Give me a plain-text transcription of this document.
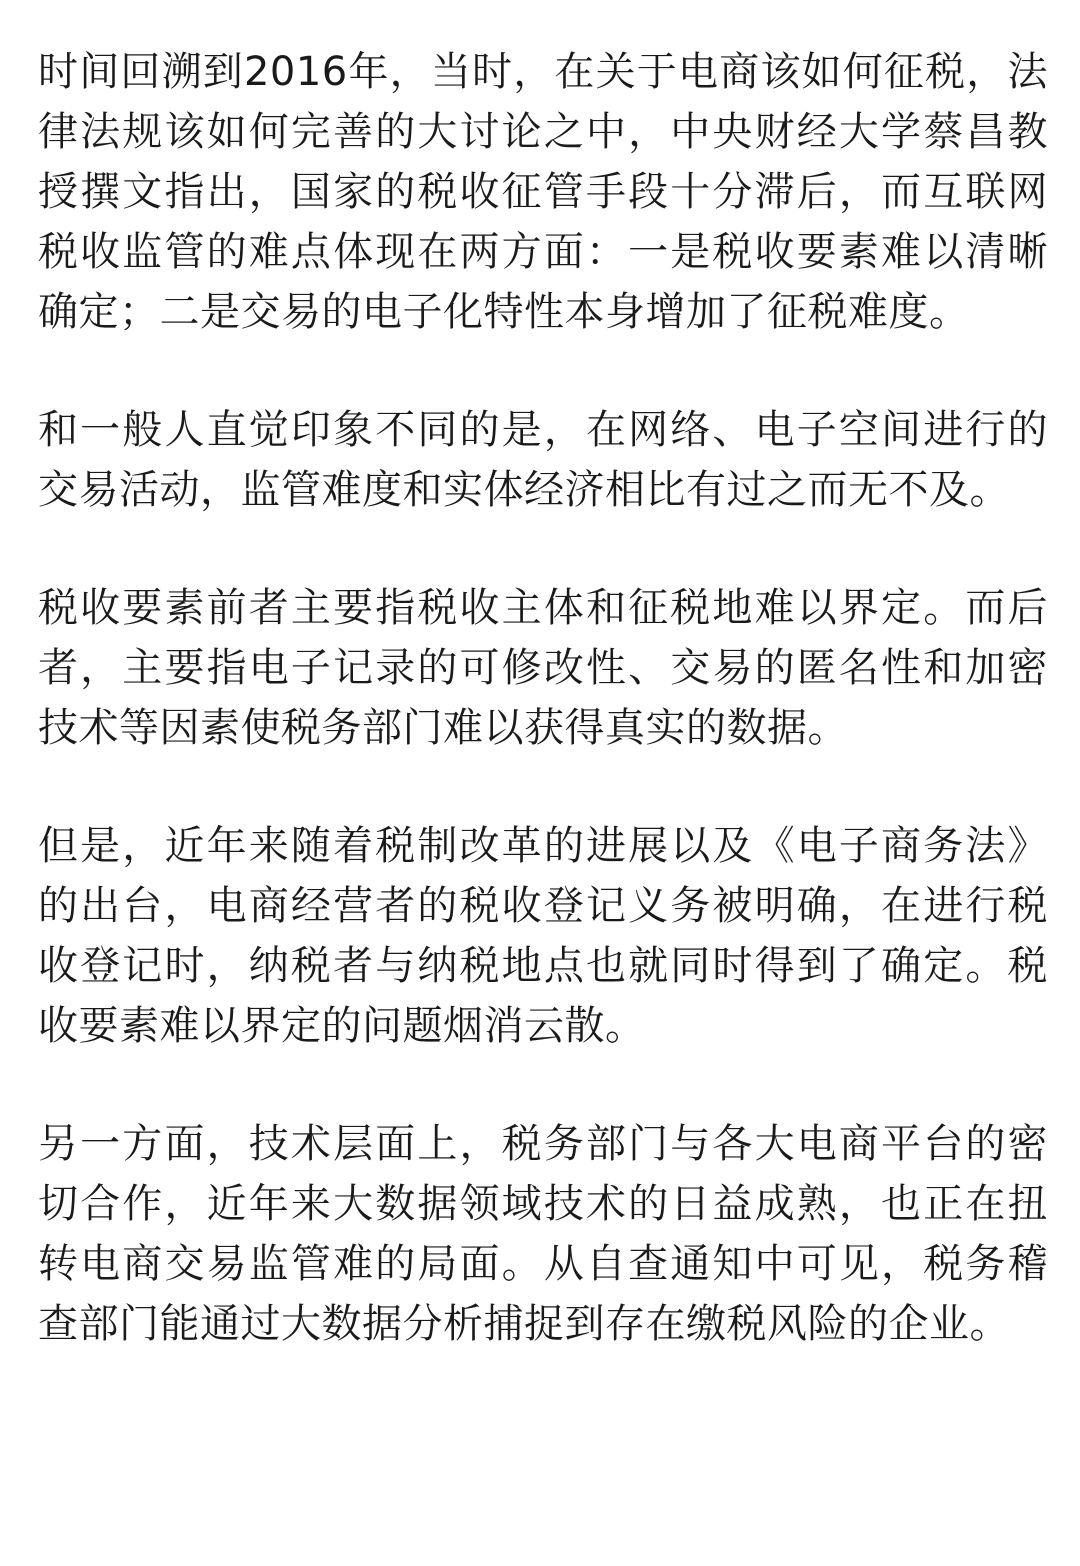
时间回溯到2016年，当时，在关于电商该如何征税，法律法规该如何完善的大讨论之中，中央财经大学蔡昌教授撰文指出，国家的税收征管手段十分滞后，而互联网税收监管的难点体现在两方面：一是税收要素难以清晰确定；二是交易的电子化特性本身增加了征税难度。

和一般人直觉印象不同的是，在网络、电子空间进行的交易活动，监管难度和实体经济相比有过之而无不及。

税收要素前者主要指税收主体和征税地难以界定。而后者，主要指电子记录的可修改性、交易的匿名性和加密技术等因素使税务部门难以获得真实的数据。

但是，近年来随着税制改革的进展以及《电子商务法》的出台，电商经营者的税收登记义务被明确，在进行税收登记时，纳税者与纳税地点也就同时得到了确定。税收要素难以界定的问题烟消云散。

另一方面，技术层面上，税务部门与各大电商平台的密切合作，近年来大数据领域技术的日益成熟，也正在扭转电商交易监管难的局面。从自查通知中可见，税务稽查部门能通过大数据分析捕捉到存在缴税风险的企业。
